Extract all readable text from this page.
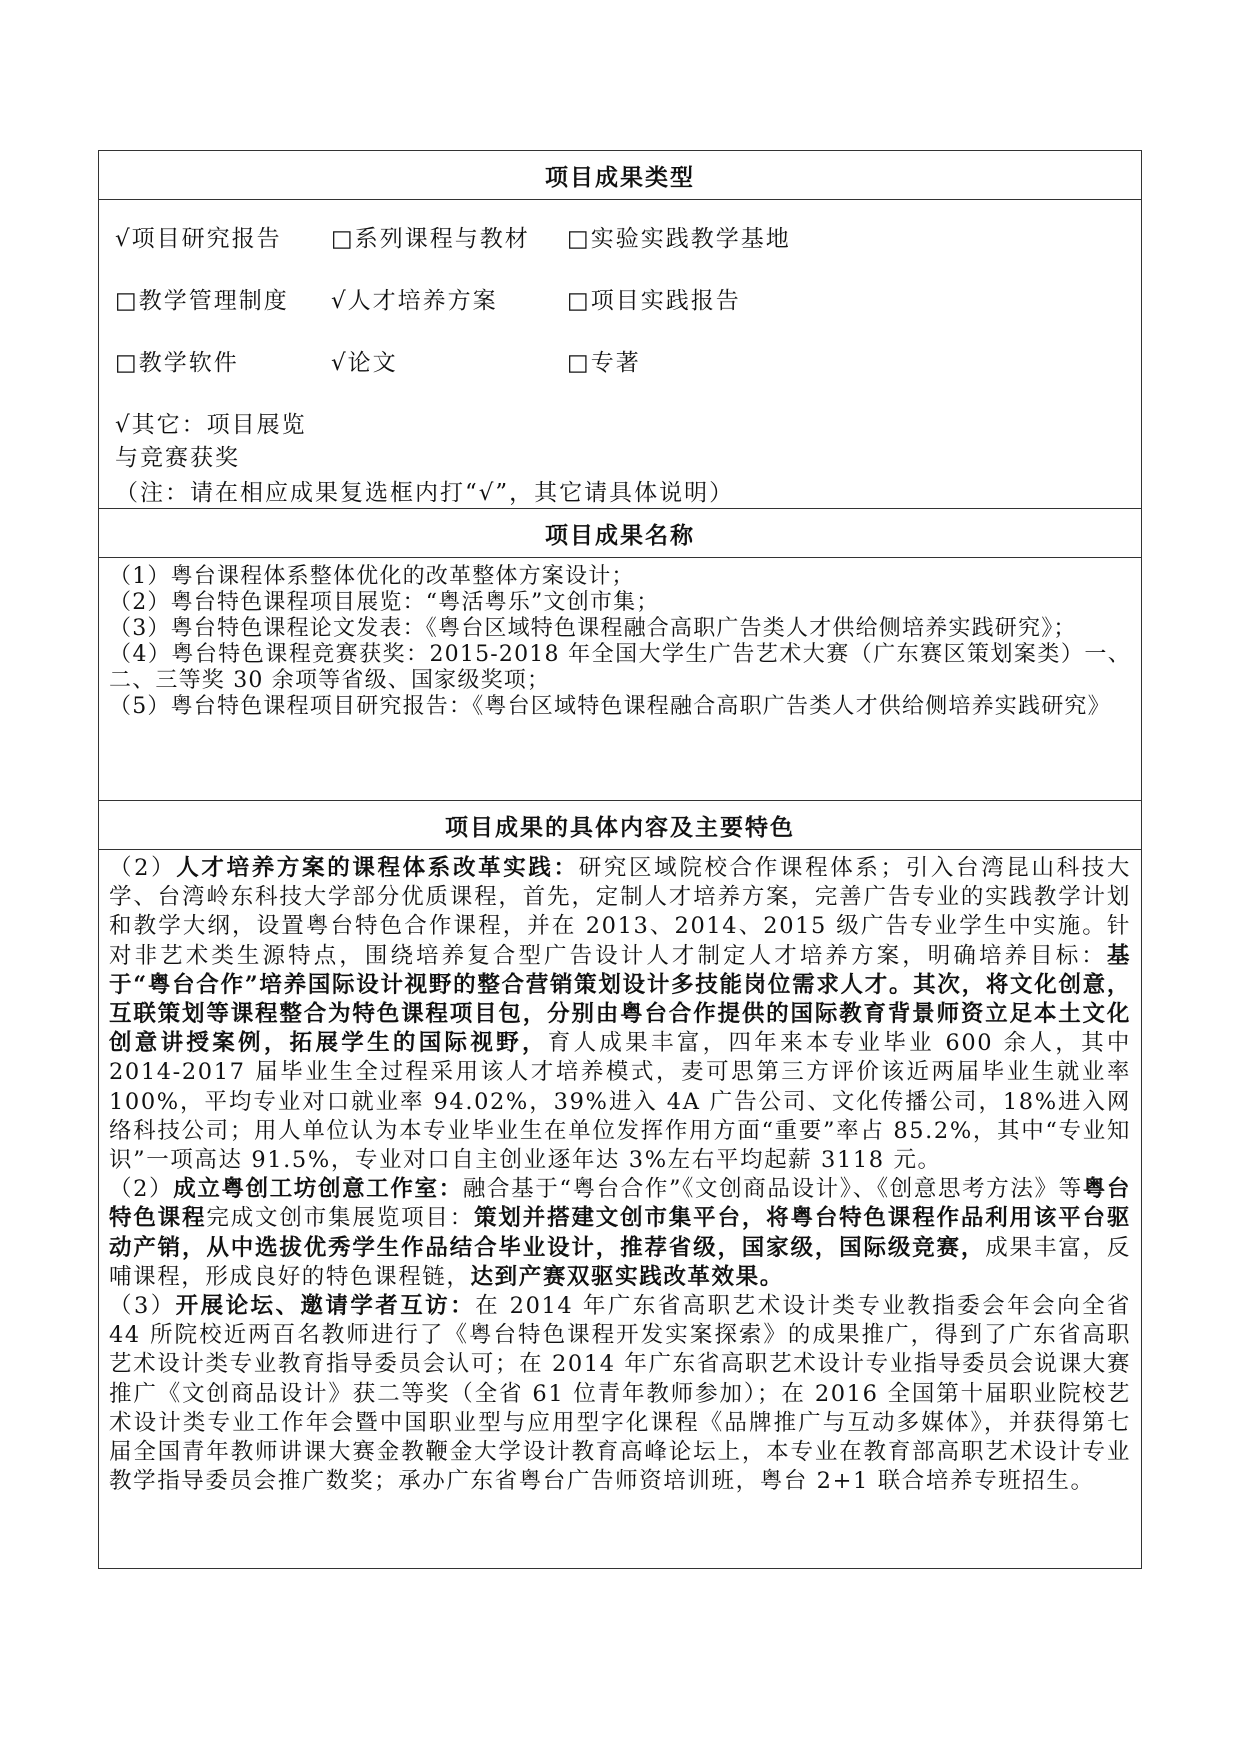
项目成果类型
√项目研究报告	□系列课程与教材	□实验实践教学基地
□教学管理制度	√人才培养方案	□项目实践报告
□教学软件	√论文	□专著
√其它：项目展览与竞赛获奖
（注：请在相应成果复选框内打“√”，其它请具体说明）
项目成果名称
（1）粤台课程体系整体优化的改革整体方案设计；
（2）粤台特色课程项目展览：“粤活粤乐”文创市集；
（3）粤台特色课程论文发表：《粤台区域特色课程融合高职广告类人才供给侧培养实践研究》；
（4）粤台特色课程竞赛获奖：2015-2018 年全国大学生广告艺术大赛（广东赛区策划案类）一、二、三等奖 30 余项等省级、国家级奖项；
（5）粤台特色课程项目研究报告：《粤台区域特色课程融合高职广告类人才供给侧培养实践研究》
项目成果的具体内容及主要特色

（2）人才培养方案的课程体系改革实践：研究区域院校合作课程体系；引入台湾昆山科技大学、台湾岭东科技大学部分优质课程，首先，定制人才培养方案，完善广告专业的实践教学计划和教学大纲，设置粤台特色合作课程，并在 2013、2014、2015 级广告专业学生中实施。针对非艺术类生源特点，围绕培养复合型广告设计人才制定人才培养方案，明确培养目标：基于“粤台合作”培养国际设计视野的整合营销策划设计多技能岗位需求人才。其次，将文化创意，互联策划等课程整合为特色课程项目包，分别由粤台合作提供的国际教育背景师资立足本土文化创意讲授案例，拓展学生的国际视野，育人成果丰富，四年来本专业毕业 600 余人，其中 2014-2017 届毕业生全过程采用该人才培养模式，麦可思第三方评价该近两届毕业生就业率 100%，平均专业对口就业率 94.02%，39%进入 4A 广告公司、文化传播公司，18%进入网络科技公司；用人单位认为本专业毕业生在单位发挥作用方面“重要”率占 85.2%，其中“专业知识”一项高达 91.5%，专业对口自主创业逐年达 3%左右平均起薪 3118 元。

（2）成立粤创工坊创意工作室：融合基于“粤台合作”《文创商品设计》、《创意思考方法》等粤台特色课程完成文创市集展览项目：策划并搭建文创市集平台，将粤台特色课程作品利用该平台驱动产销，从中选拔优秀学生作品结合毕业设计，推荐省级，国家级，国际级竞赛，成果丰富，反哺课程，形成良好的特色课程链，达到产赛双驱实践改革效果。

（3）开展论坛、邀请学者互访：在 2014 年广东省高职艺术设计类专业教指委会年会向全省 44 所院校近两百名教师进行了《粤台特色课程开发实案探索》的成果推广，得到了广东省高职艺术设计类专业教育指导委员会认可；在 2014 年广东省高职艺术设计专业指导委员会说课大赛推广《文创商品设计》获二等奖（全省 61 位青年教师参加）；在 2016 全国第十届职业院校艺术设计类专业工作年会暨中国职业型与应用型字化课程《品牌推广与互动多媒体》，并获得第七届全国青年教师讲课大赛金教鞭金大学设计教育高峰论坛上，本专业在教育部高职艺术设计专业教学指导委员会推广数奖；承办广东省粤台广告师资培训班，粤台 2+1 联合培养专班招生。
